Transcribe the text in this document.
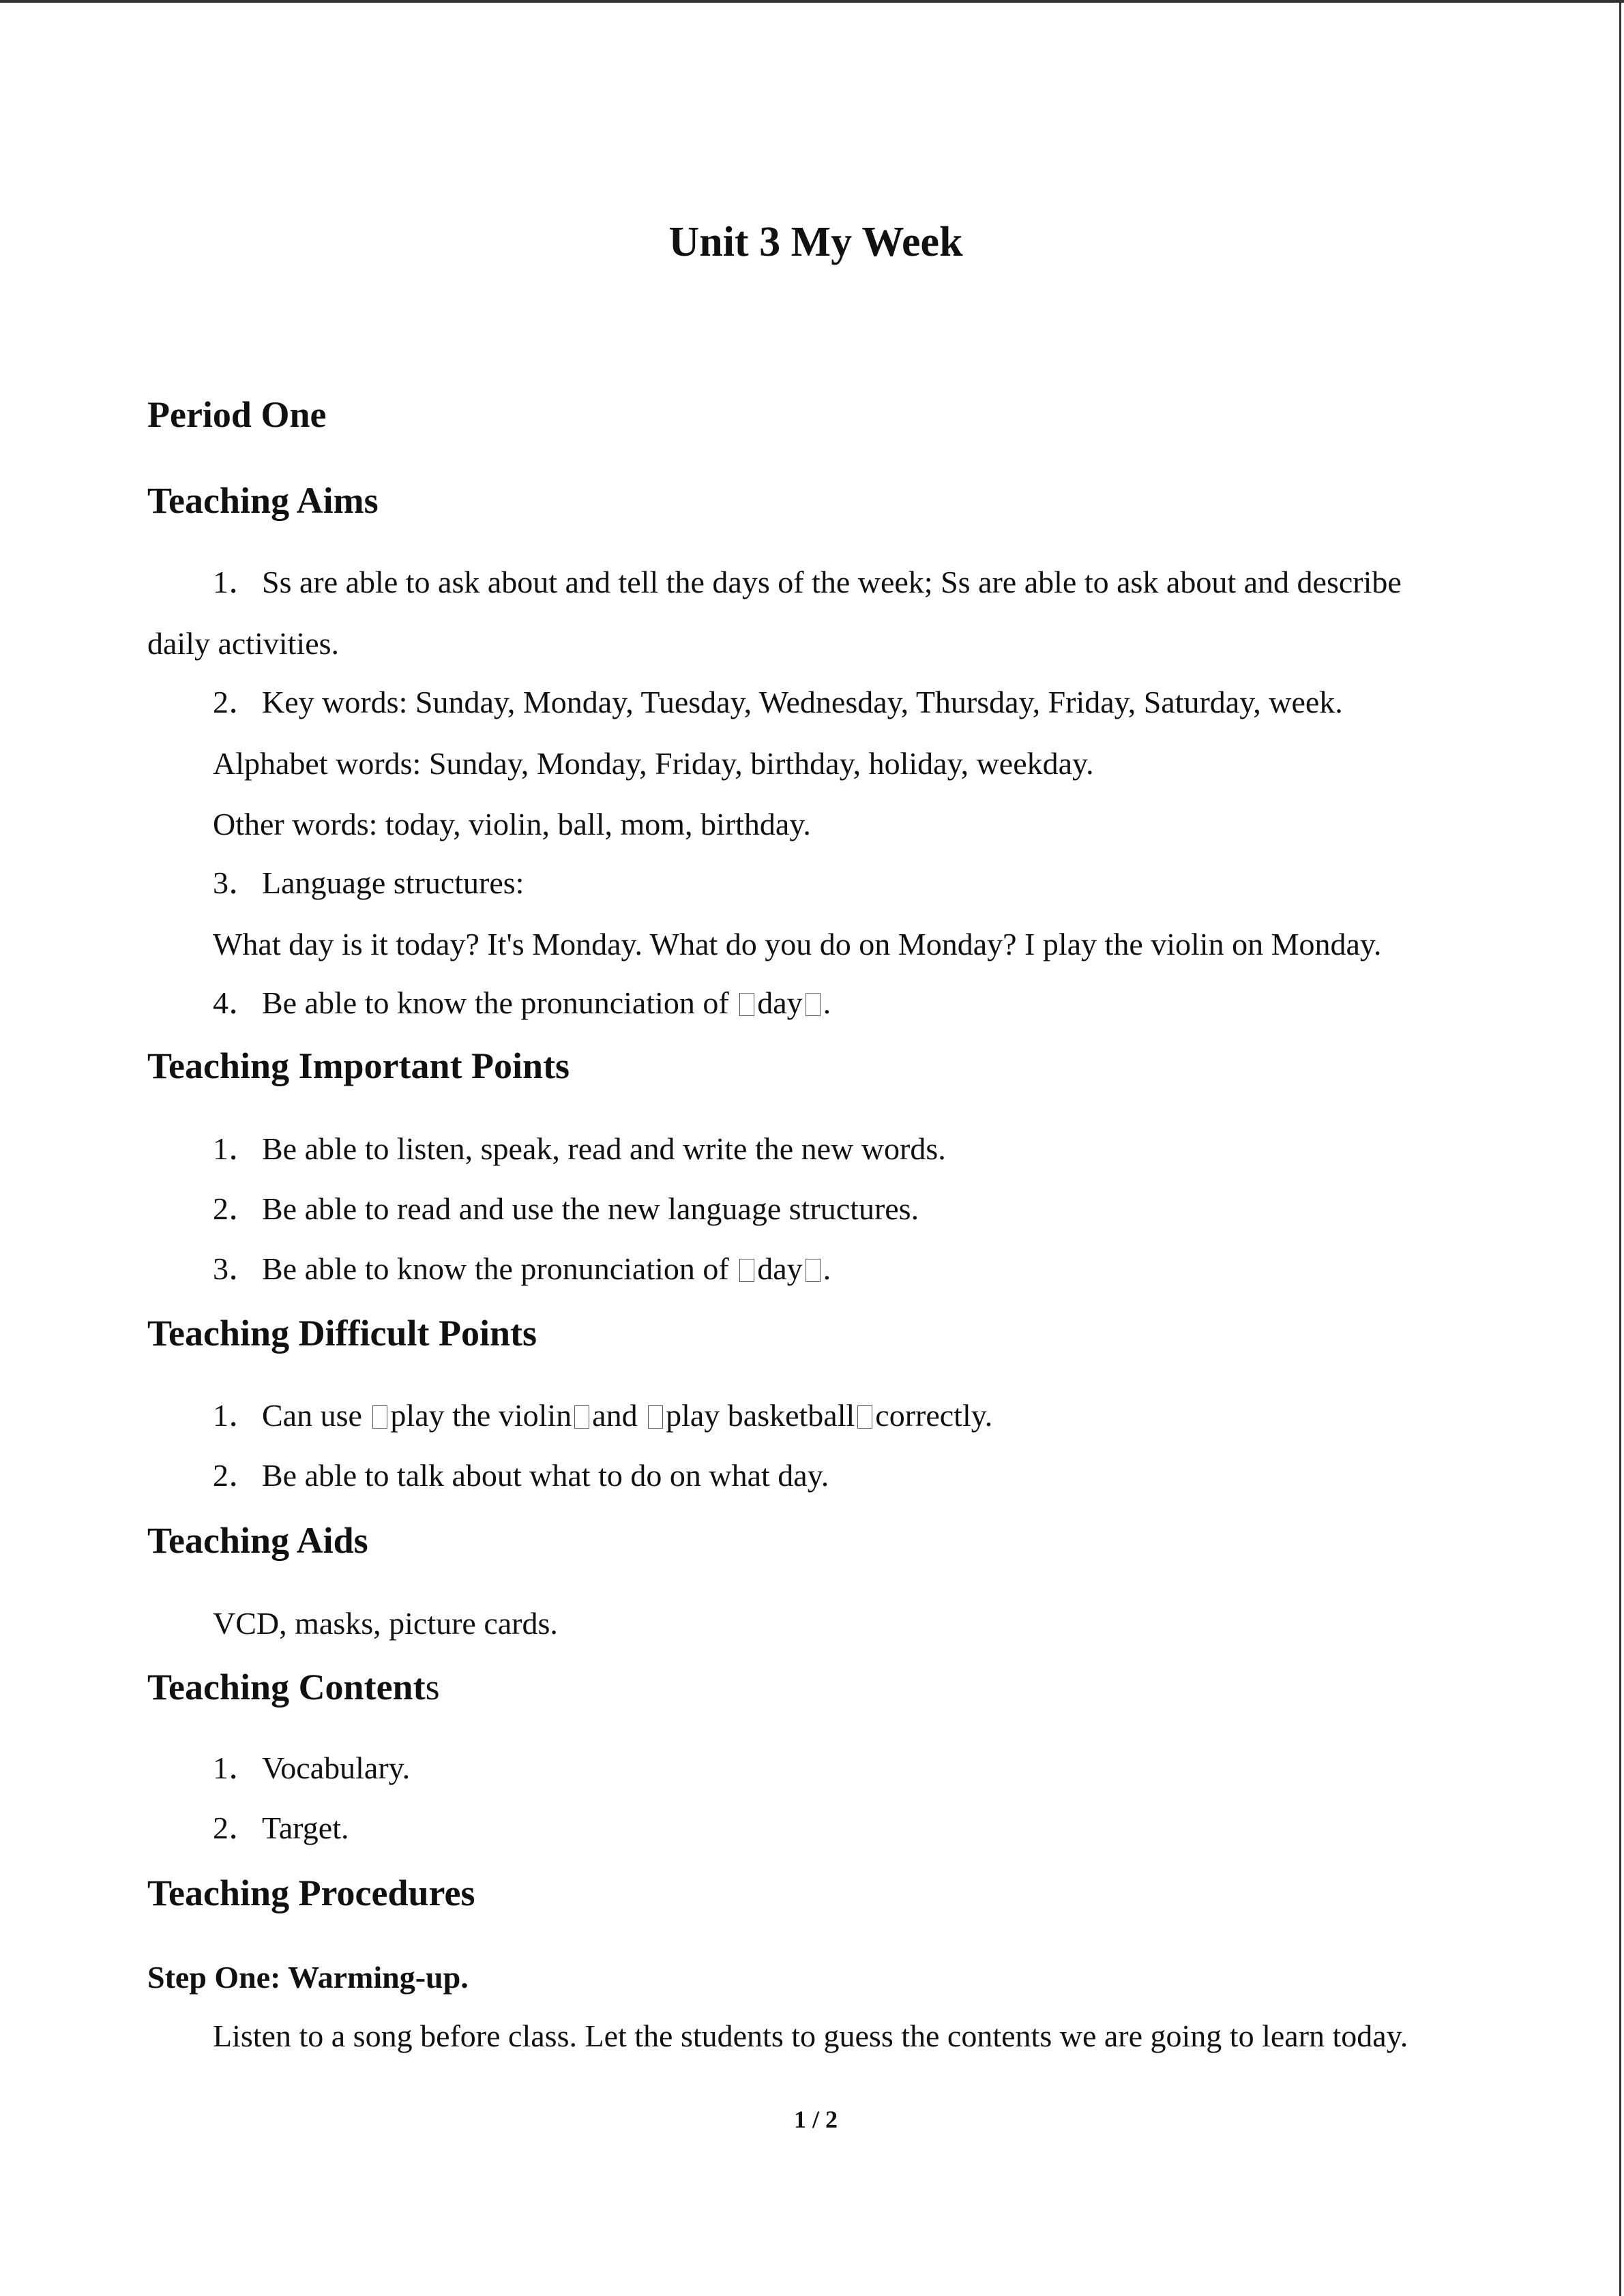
Unit 3 My Week
Period One
Teaching Aims
1．Ss are able to ask about and tell the days of the week; Ss are able to ask about and describe
daily activities.
2．Key words: Sunday, Monday, Tuesday, Wednesday, Thursday, Friday, Saturday, week.
Alphabet words: Sunday, Monday, Friday, birthday, holiday, weekday.
Other words: today, violin, ball, mom, birthday.
3．Language structures:
What day is it today? It's Monday. What do you do on Monday? I play the violin on Monday.
4．Be able to know the pronunciation of day .
Teaching Important Points
1．Be able to listen, speak, read and write the new words.
2．Be able to read and use the new language structures.
3．Be able to know the pronunciation of day .
Teaching Difficult Points
1．Can use play the violin and play basketball correctly.
2．Be able to talk about what to do on what day.
Teaching Aids
VCD, masks, picture cards.
Teaching Contents
1．Vocabulary.
2．Target.
Teaching Procedures
Step One: Warming-up.
Listen to a song before class. Let the students to guess the contents we are going to learn today.
1 / 2
